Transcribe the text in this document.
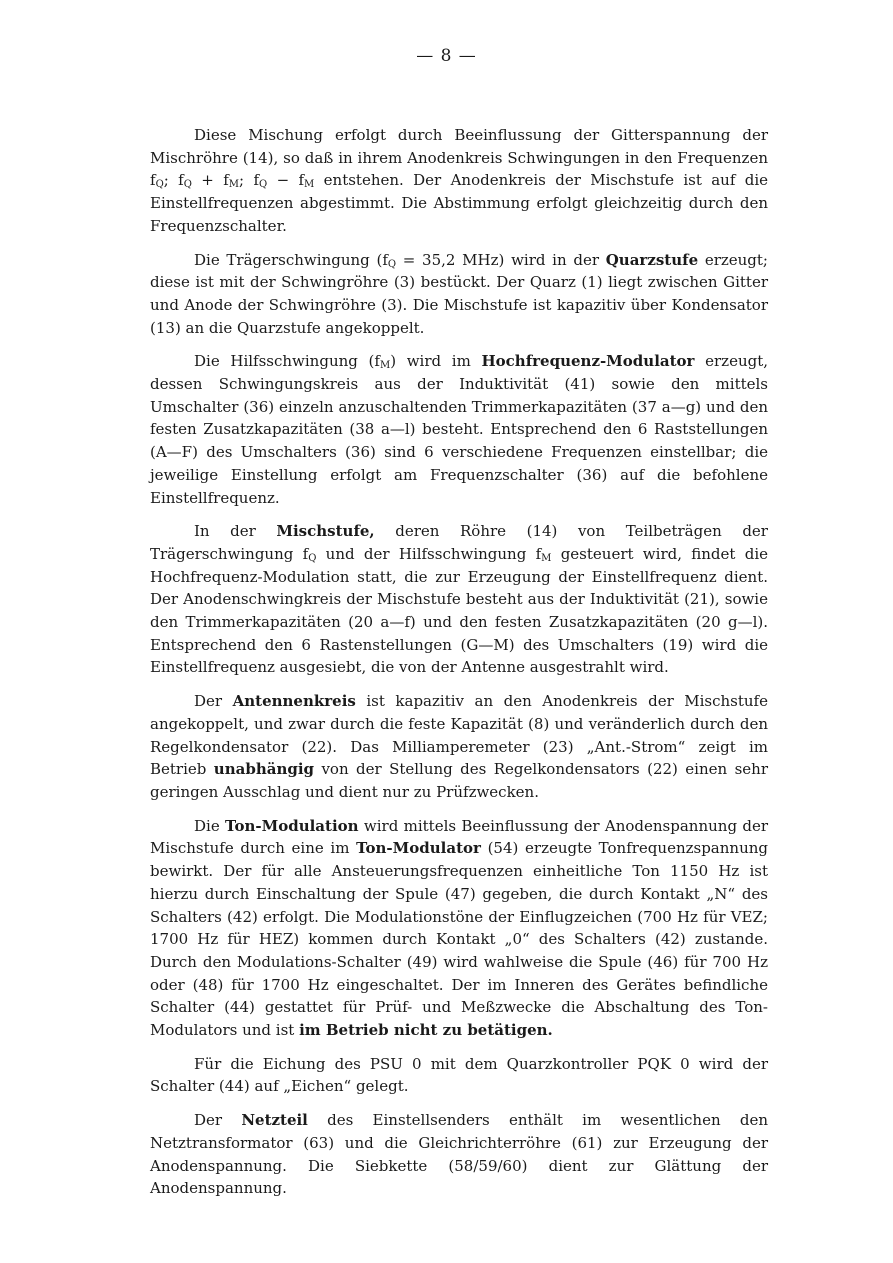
— 8 —

Diese Mischung erfolgt durch Beeinflussung der Gitterspannung der Mischröhre (14), so daß in ihrem Anodenkreis Schwingungen in den Frequenzen $f_Q$; $f_Q + f_M$; $f_Q - f_M$ entstehen. Der Anodenkreis der Mischstufe ist auf die Einstellfrequenzen abgestimmt. Die Abstimmung erfolgt gleichzeitig durch den Frequenzschalter.

Die Trägerschwingung ($f_Q = 35,2$ MHz) wird in der Quarzstufe erzeugt; diese ist mit der Schwingröhre (3) bestückt. Der Quarz (1) liegt zwischen Gitter und Anode der Schwingröhre (3). Die Mischstufe ist kapazitiv über Kondensator (13) an die Quarzstufe angekoppelt.

Die Hilfsschwingung $(f_M)$ wird im Hochfrequenz-Modulator erzeugt, dessen Schwingungskreis aus der Induktivität (41) sowie den mittels Umschalter (36) einzeln anzuschaltenden Trimmerkapazitäten (37 a—g) und den festen Zusatzkapazitäten (38 a—l) besteht. Entsprechend den 6 Raststellungen (A—F) des Umschalters (36) sind 6 verschiedene Frequenzen einstellbar; die jeweilige Einstellung erfolgt am Frequenzschalter (36) auf die befohlene Einstellfrequenz.

In der Mischstufe, deren Röhre (14) von Teilbeträgen der Trägerschwingung $f_Q$ und der Hilfsschwingung $f_M$ gesteuert wird, findet die Hochfrequenz-Modulation statt, die zur Erzeugung der Einstellfrequenz dient. Der Anodenschwingkreis der Mischstufe besteht aus der Induktivität (21), sowie den Trimmerkapazitäten (20 a—f) und den festen Zusatzkapazitäten (20 g—l). Entsprechend den 6 Rastenstellungen (G—M) des Umschalters (19) wird die Einstellfrequenz ausgesiebt, die von der Antenne ausgestrahlt wird.

Der Antennenkreis ist kapazitiv an den Anodenkreis der Mischstufe angekoppelt, und zwar durch die feste Kapazität (8) und veränderlich durch den Regelkondensator (22). Das Milliamperemeter (23) „Ant.-Strom“ zeigt im Betrieb unabhängig von der Stellung des Regelkondensators (22) einen sehr geringen Ausschlag und dient nur zu Prüfzwecken.

Die Ton-Modulation wird mittels Beeinflussung der Anodenspannung der Mischstufe durch eine im Ton-Modulator (54) erzeugte Tonfrequenzspannung bewirkt. Der für alle Ansteuerungsfrequenzen einheitliche Ton 1150 Hz ist hierzu durch Einschaltung der Spule (47) gegeben, die durch Kontakt „N“ des Schalters (42) erfolgt. Die Modulationstöne der Einflugzeichen (700 Hz für VEZ; 1700 Hz für HEZ) kommen durch Kontakt „0“ des Schalters (42) zustande. Durch den Modulations-Schalter (49) wird wahlweise die Spule (46) für 700 Hz oder (48) für 1700 Hz eingeschaltet. Der im Inneren des Gerätes befindliche Schalter (44) gestattet für Prüf- und Meßzwecke die Abschaltung des Ton-Modulators und ist im Betrieb nicht zu betätigen.

Für die Eichung des PSU 0 mit dem Quarzkontroller PQK 0 wird der Schalter (44) auf „Eichen“ gelegt.

Der Netzteil des Einstellsenders enthält im wesentlichen den Netztransformator (63) und die Gleichrichterröhre (61) zur Erzeugung der Anodenspannung. Die Siebkette (58/59/60) dient zur Glättung der Anodenspannung.
